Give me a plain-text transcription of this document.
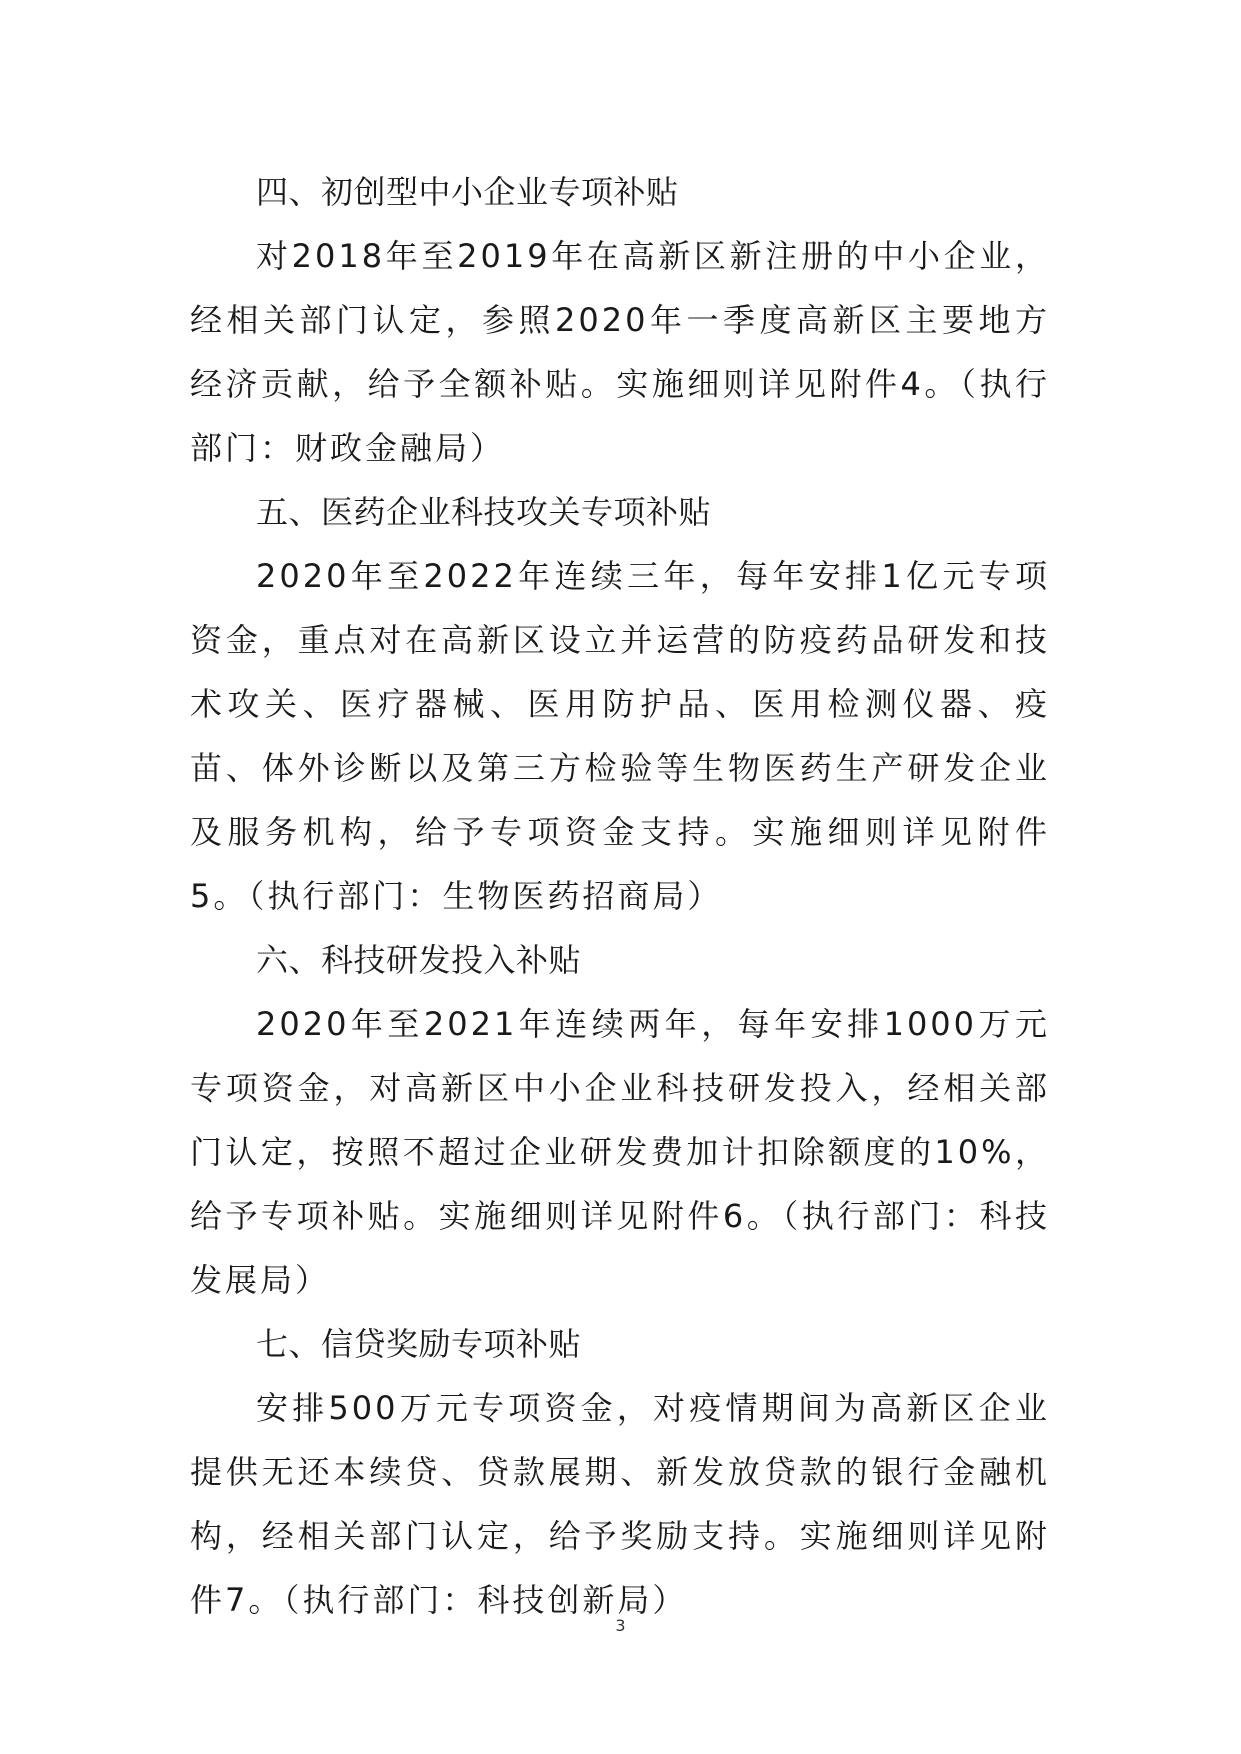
四、初创型中小企业专项补贴
对2018年至2019年在高新区新注册的中小企业，经相关部门认定，参照2020年一季度高新区主要地方经济贡献，给予全额补贴。实施细则详见附件4。（执行部门：财政金融局）
五、医药企业科技攻关专项补贴
2020年至2022年连续三年，每年安排1亿元专项资金，重点对在高新区设立并运营的防疫药品研发和技术攻关、医疗器械、医用防护品、医用检测仪器、疫苗、体外诊断以及第三方检验等生物医药生产研发企业及服务机构，给予专项资金支持。实施细则详见附件5。（执行部门：生物医药招商局）
六、科技研发投入补贴
2020年至2021年连续两年，每年安排1000万元专项资金，对高新区中小企业科技研发投入，经相关部门认定，按照不超过企业研发费加计扣除额度的10%，给予专项补贴。实施细则详见附件6。（执行部门：科技发展局）
七、信贷奖励专项补贴
安排500万元专项资金，对疫情期间为高新区企业提供无还本续贷、贷款展期、新发放贷款的银行金融机构，经相关部门认定，给予奖励支持。实施细则详见附件7。（执行部门：科技创新局）
3
